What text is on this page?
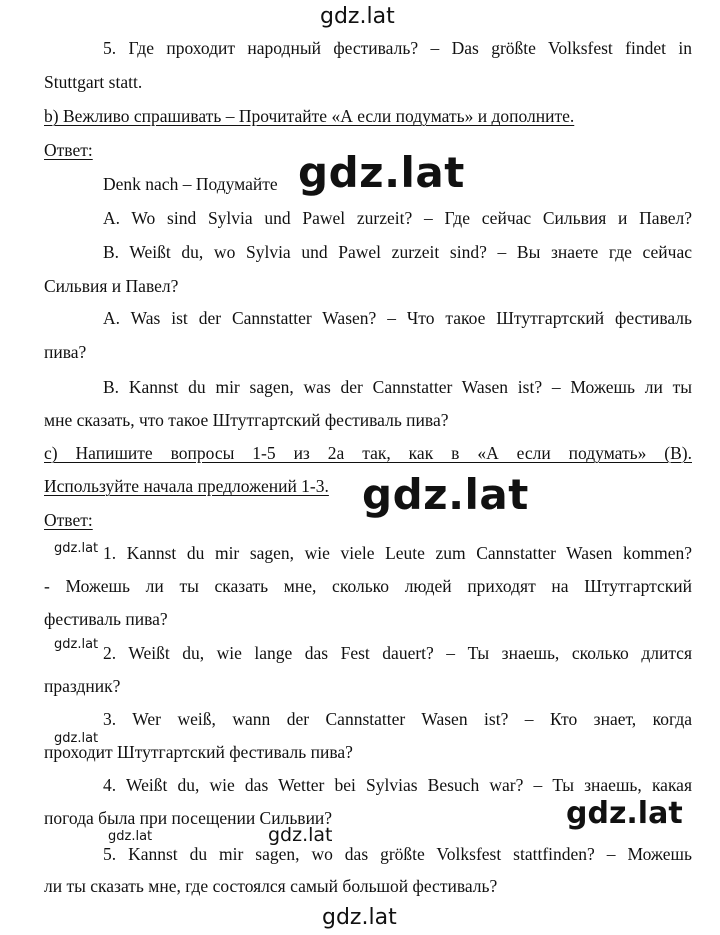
gdz.lat
5. Где проходит народный фестиваль? – Das größte Volksfest findet in
Stuttgart statt.
b) Вежливо спрашивать – Прочитайте «А если подумать» и дополните.
Ответ:
Denk nach – Подумайте gdz.lat
A. Wo sind Sylvia und Pawel zurzeit? – Где сейчас Сильвия и Павел?
B. Weißt du, wo Sylvia und Pawel zurzeit sind? – Вы знаете где сейчас
Сильвия и Павел?
A. Was ist der Cannstatter Wasen? – Что такое Штутгартский фестиваль
пива?
B. Kannst du mir sagen, was der Cannstatter Wasen ist? – Можешь ли ты
мне сказать, что такое Штутгартский фестиваль пива?
c) Напишите вопросы 1-5 из 2a так, как в «А если подумать» (B).
Используйте начала предложений 1-3. gdz.lat
Ответ:
gdz.lat 1. Kannst du mir sagen, wie viele Leute zum Cannstatter Wasen kommen?
- Можешь ли ты сказать мне, сколько людей приходят на Штутгартский
фестиваль пива?
gdz.lat 2. Weißt du, wie lange das Fest dauert? – Ты знаешь, сколько длится
праздник?
3. Wer weiß, wann der Cannstatter Wasen ist? – Кто знает, когда
gdz.lat
проходит Штутгартский фестиваль пива?
4. Weißt du, wie das Wetter bei Sylvias Besuch war? – Ты знаешь, какая
погода была при посещении Сильвии?	gdz.lat
gdz.lat	gdz.lat
5. Kannst du mir sagen, wo das größte Volksfest stattfinden? – Можешь
ли ты сказать мне, где состоялся самый большой фестиваль?
gdz.lat
